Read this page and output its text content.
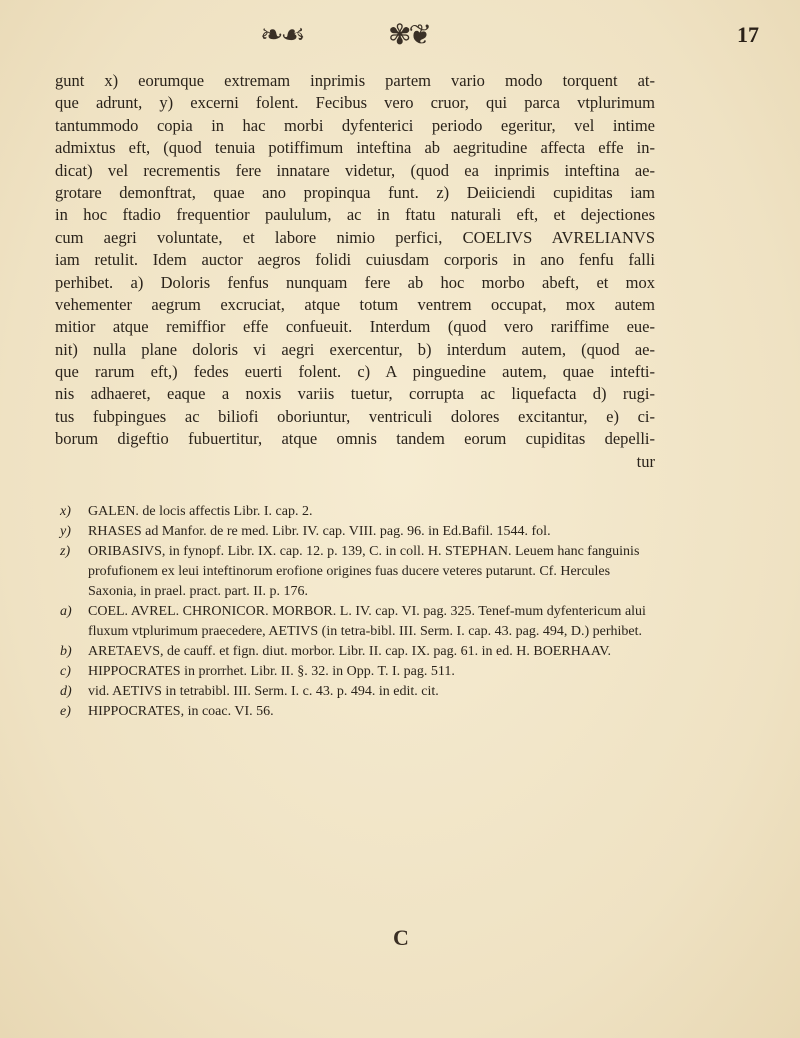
❧☙	✾❦	17
gunt x) eorumque extremam inprimis partem vario modo torquent at-
que adrunt, y) excerni folent. Fecibus vero cruor, qui parca vtplurimum
tantummodo copia in hac morbi dyfenterici periodo egeritur, vel intime
admixtus eft, (quod tenuia potiffimum inteftina ab aegritudine affecta effe in-
dicat) vel recrementis fere innatare videtur, (quod ea inprimis inteftina ae-
grotare demonftrat, quae ano propinqua funt. z) Deiiciendi cupiditas iam
in hoc ftadio frequentior paululum, ac in ftatu naturali eft, et dejectiones
cum aegri voluntate, et labore nimio perfici, COELIVS AVRELIANVS
iam retulit. Idem auctor aegros folidi cuiusdam corporis in ano fenfu falli
perhibet. a) Doloris fenfus nunquam fere ab hoc morbo abeft, et mox
vehementer aegrum excruciat, atque totum ventrem occupat, mox autem
mitior atque remiffior effe confueuit. Interdum (quod vero rariffime eue-
nit) nulla plane doloris vi aegri exercentur, b) interdum autem, (quod ae-
que rarum eft,) fedes euerti folent. c) A pinguedine autem, quae intefti-
nis adhaeret, eaque a noxis variis tuetur, corrupta ac liquefacta d) rugi-
tus fubpingues ac biliofi oboriuntur, ventriculi dolores excitantur, e) ci-
borum digeftio fubuertitur, atque omnis tandem eorum cupiditas depelli-
tur
x) GALEN. de locis affectis Libr. I. cap. 2.
y) RHASES ad Manfor. de re med. Libr. IV. cap. VIII. pag. 96. in Ed.Bafil. 1544. fol.
z) ORIBASIVS, in fynopf. Libr. IX. cap. 12. p. 139, C. in coll. H. STEPHAN. Leuem hanc fanguinis profufionem ex leui inteftinorum erofione origines fuas ducere veteres putarunt. Cf. Hercules Saxonia, in prael. pract. part. II. p. 176.
a) COEL. AVREL. CHRONICOR. MORBOR. L. IV. cap. VI. pag. 325. Tenef-mum dyfentericum alui fluxum vtplurimum praecedere, AETIVS (in tetra-bibl. III. Serm. I. cap. 43. pag. 494, D.) perhibet.
b) ARETAEVS, de cauff. et fign. diut. morbor. Libr. II. cap. IX. pag. 61. in ed. H. BOERHAAV.
c) HIPPOCRATES in prorrhet. Libr. II. §. 32. in Opp. T. I. pag. 511.
d) vid. AETIVS in tetrabibl. III. Serm. I. c. 43. p. 494. in edit. cit.
e) HIPPOCRATES, in coac. VI. 56.
C
